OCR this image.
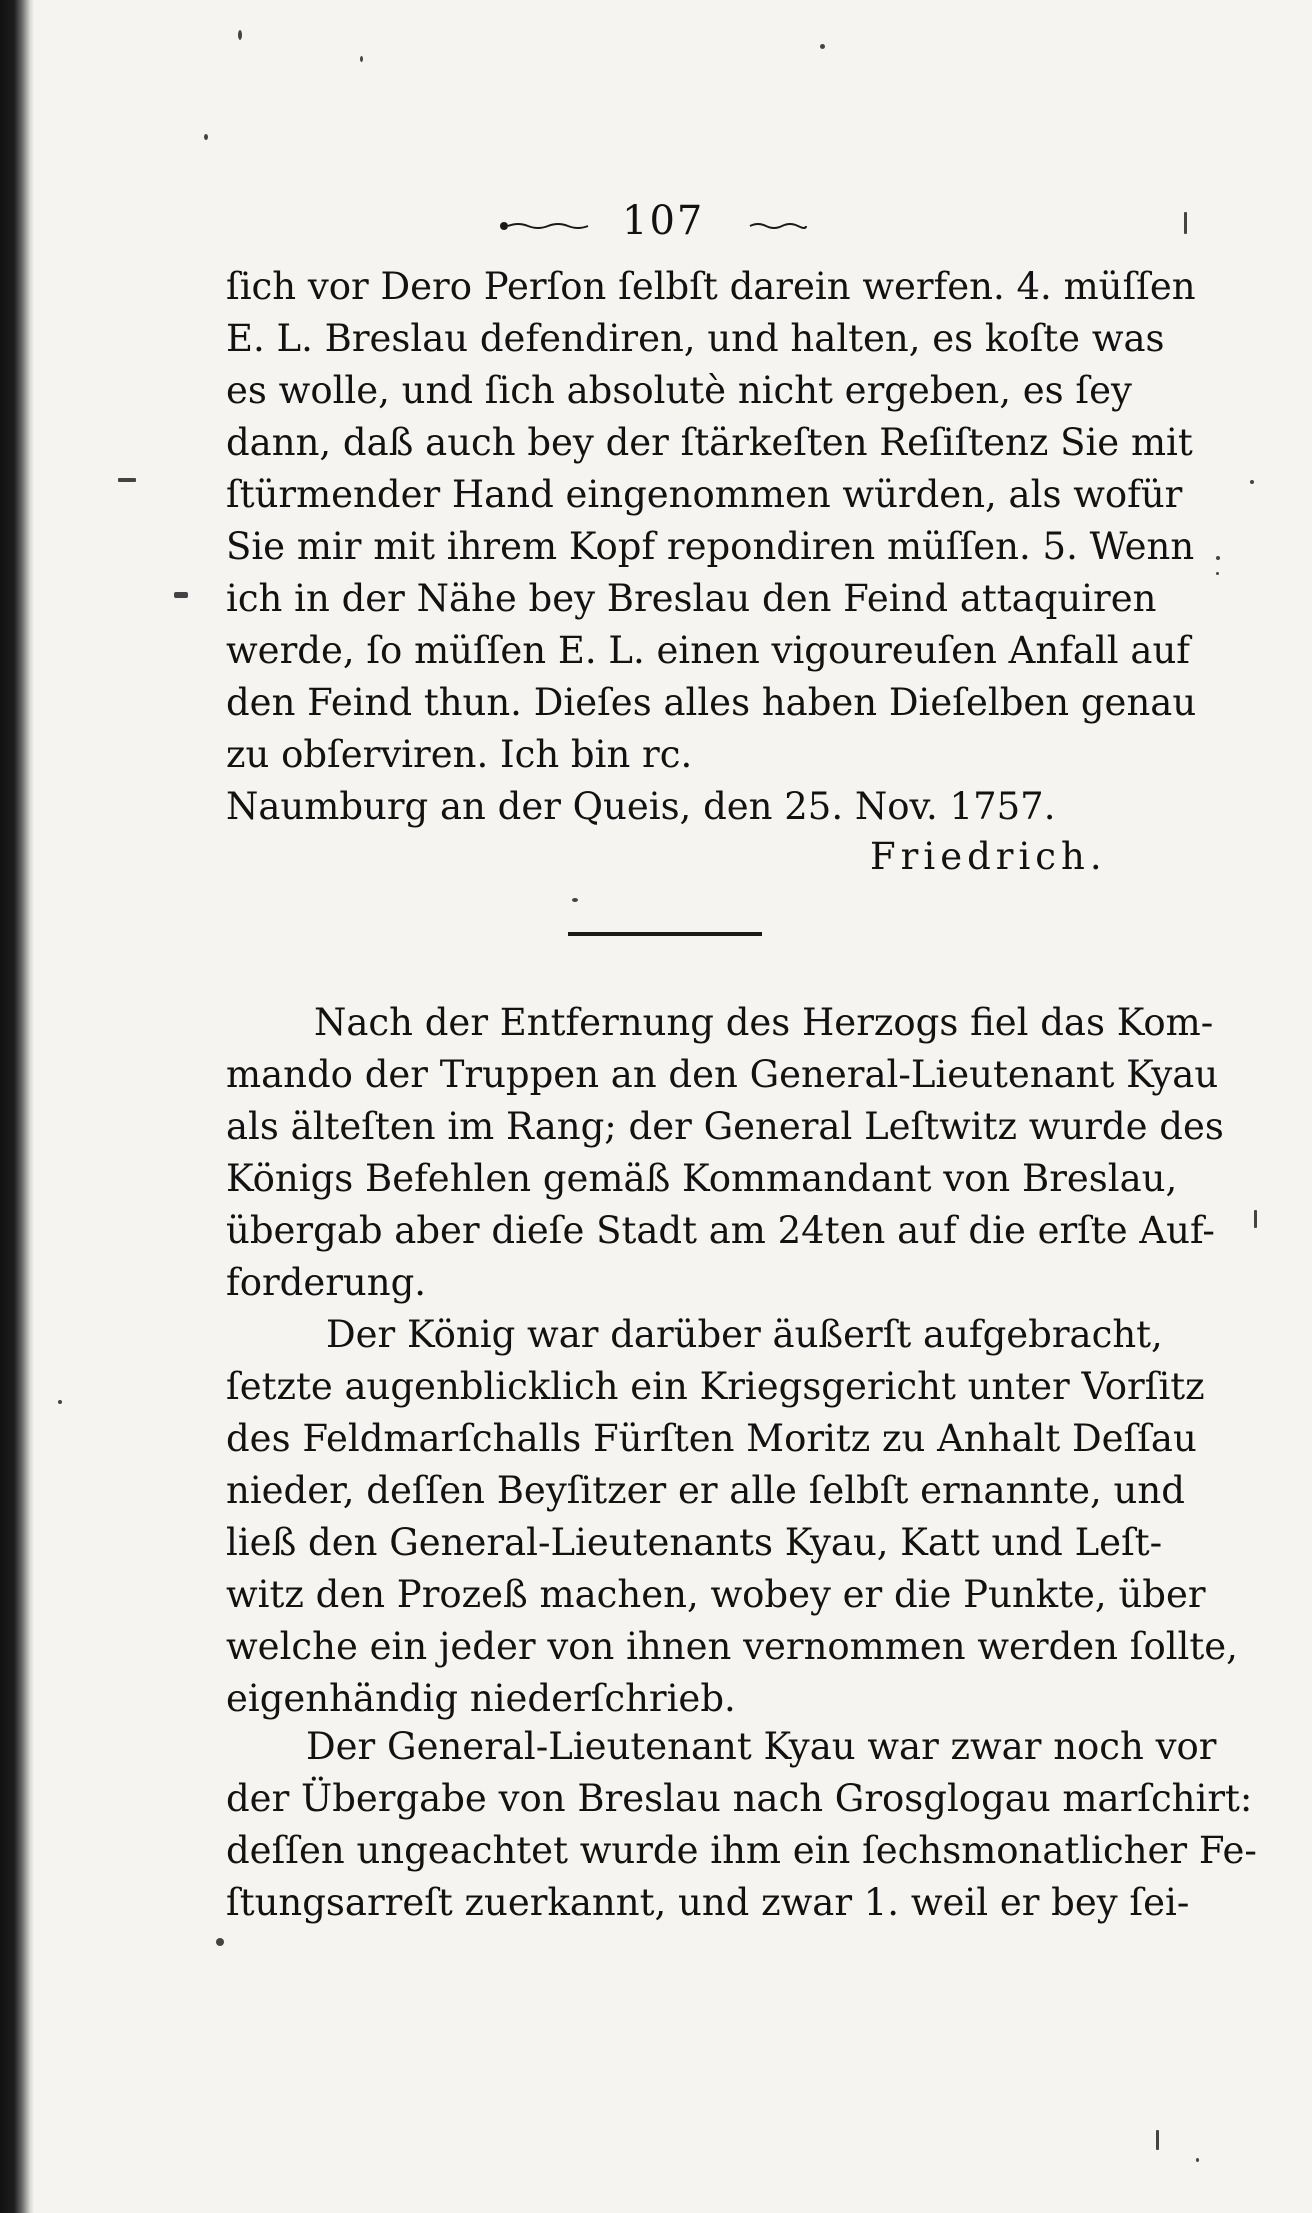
107
ſich vor Dero Perſon ſelbſt darein werfen. 4. müſſen
E. L. Breslau defendiren, und halten, es koſte was
es wolle, und ſich absolutè nicht ergeben, es ſey
dann, daß auch bey der ſtärkeſten Reſiſtenz Sie mit
ſtürmender Hand eingenommen würden, als wofür
Sie mir mit ihrem Kopf repondiren müſſen. 5. Wenn
ich in der Nähe bey Breslau den Feind attaquiren
werde, ſo müſſen E. L. einen vigoureuſen Anfall auf
den Feind thun. Dieſes alles haben Dieſelben genau
zu obſerviren. Ich bin rc.
Naumburg an der Queis, den 25. Nov. 1757.
Friedrich.
Nach der Entfernung des Herzogs fiel das Kom-
mando der Truppen an den General-Lieutenant Kyau
als älteſten im Rang; der General Leſtwitz wurde des
Königs Befehlen gemäß Kommandant von Breslau,
übergab aber dieſe Stadt am 24ten auf die erſte Auf-
forderung.
Der König war darüber äußerſt aufgebracht,
ſetzte augenblicklich ein Kriegsgericht unter Vorſitz
des Feldmarſchalls Fürſten Moritz zu Anhalt Deſſau
nieder, deſſen Beyſitzer er alle ſelbſt ernannte, und
ließ den General-Lieutenants Kyau, Katt und Leſt-
witz den Prozeß machen, wobey er die Punkte, über
welche ein jeder von ihnen vernommen werden ſollte,
eigenhändig niederſchrieb.
Der General-Lieutenant Kyau war zwar noch vor
der Übergabe von Breslau nach Grosglogau marſchirt:
deſſen ungeachtet wurde ihm ein ſechsmonatlicher Fe-
ſtungsarreſt zuerkannt, und zwar 1. weil er bey ſei-
